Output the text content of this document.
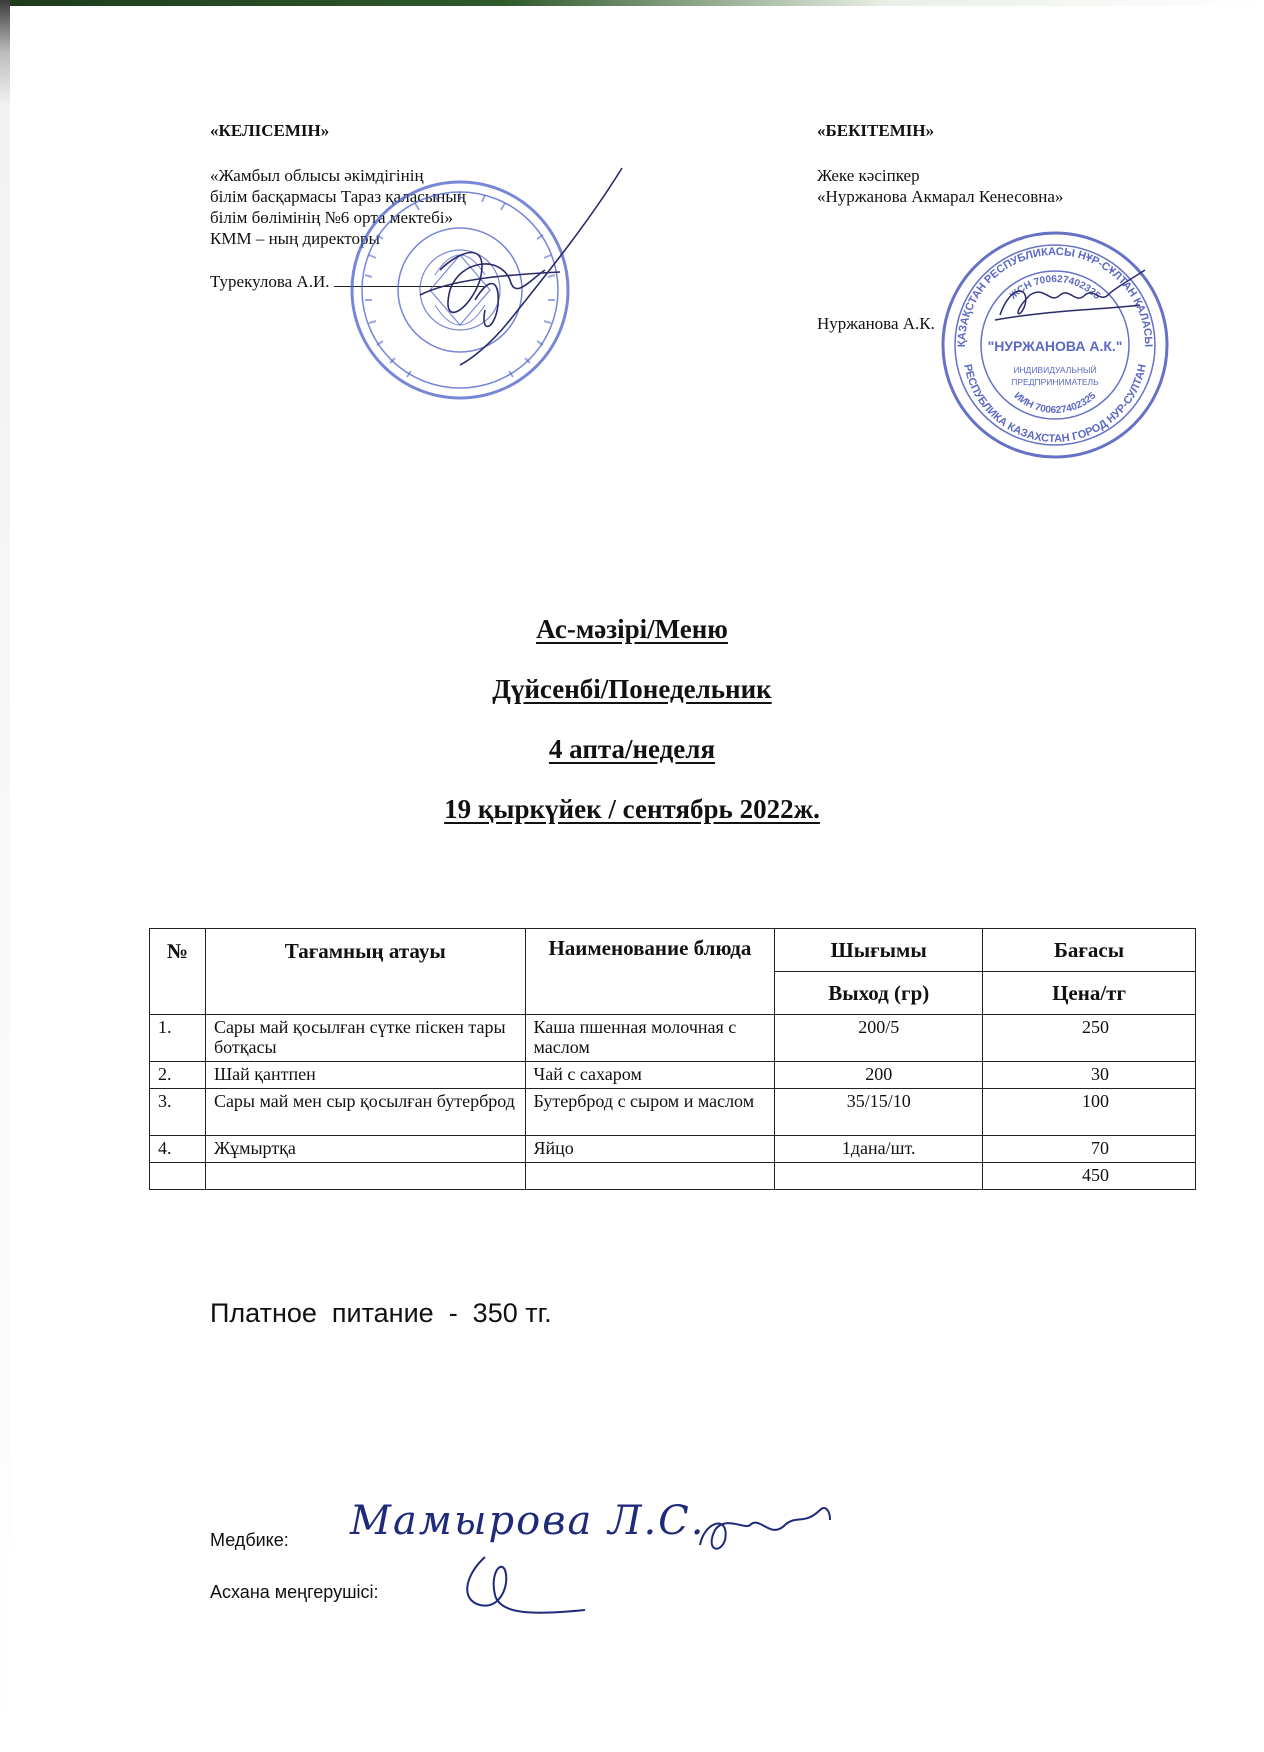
«КЕЛІСЕМІН»
«Жамбыл облысы әкімдігінің
білім басқармасы Тараз қаласының
білім бөлімінің №6 орта мектебі»
КММ – ның директоры
Турекулова А.И.
«БЕКІТЕМІН»
Жеке кәсіпкер
«Нуржанова Акмарал Кенесовна»
Нуржанова А.К.
ҚАЗАҚСТАН РЕСПУБЛИКАСЫ НҰР-СҰЛТАН ҚАЛАСЫ
РЕСПУБЛИКА КАЗАХСТАН ГОРОД НУР-СУЛТАН
ЖСН 700627402325
ИИН 700627402325
"НУРЖАНОВА А.К."
ИНДИВИДУАЛЬНЫЙ
ПРЕДПРИНИМАТЕЛЬ
Ас-мәзірі/Меню
Дүйсенбі/Понедельник
4 апта/неделя
19 қыркүйек / сентябрь 2022ж.
№	Тағамның атауы	Наименование блюда	Шығымы	Бағасы
			Выход (гр)	Цена/тг
1.	Сары май қосылған сүтке піскен тары ботқасы	Каша пшенная молочная с маслом	200/5	250
2.	Шай қантпен	Чай с сахаром	200	30
3.	Сары май мен сыр қосылған бутерброд	Бутерброд с сыром и маслом	35/15/10	100
4.	Жұмыртқа	Яйцо	1дана/шт.	70
				450
Платное  питание  -  350 тг.
Медбике:
Асхана меңгерушісі:
Мамырова Л.С.
